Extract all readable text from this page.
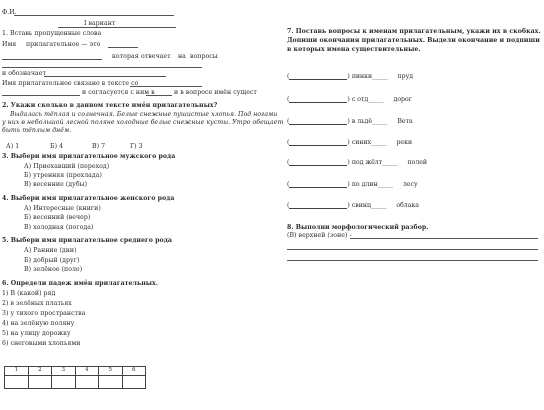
Ф.И.
I вариант
1. Вставь пропущенные слова
Имя прилагательное — это
которая отвечает на вопросы
и обозначает
Имя прилагательное связано в тексте со
и согласуется с ним в	и в вопросе имён сущест
2. Укажи сколько в данном тексте имён прилагательных?
Выдалась тёплая и солнечная. Белые снежные пушистые хлопья. Под ногами
у них в небольшой лесной поляне холодные белые снежные кусты. Утро обещает
быть тёплым днём.
А) 1	Б) 4	В) 7	Г) 3
3. Выбери имя прилагательное мужского рода
А) Приехавший (переход)
Б) утренняя (прохлада)
В) весенние (дубы)
4. Выбери имя прилагательное женского рода
А) Интересные (книги)
Б) весенний (вечер)
В) холодная (погода)
5. Выбери имя прилагательное среднего рода
А) Ранние (дни)
Б) добрый (друг)
В) зелёное (поле)
6. Определи падеж имён прилагательных.
1) В (какой) ряд
2) в зелёных платьях
3) у тихого пространства
4) на зелёную поляну
5) на улицу дорожку
6) снеговыми хлопьями
1	2	3	4	5	6

7. Поставь вопросы к именам прилагательным, укажи их в скобках.
Допиши окончания прилагательных. Выдели окончание и подпиши
в которых имена существительные.
(	) пинки_____ пруд
(	) с отд_____ дорог
(	) в льдё_____ Вета
(	) синих_____ реки
(	) под жёлт_____ полей
(	) по длин_____ лесу
(	) свинц_____ облака
8. Выполни морфологический разбор.
(В) верхней (зоне) -
